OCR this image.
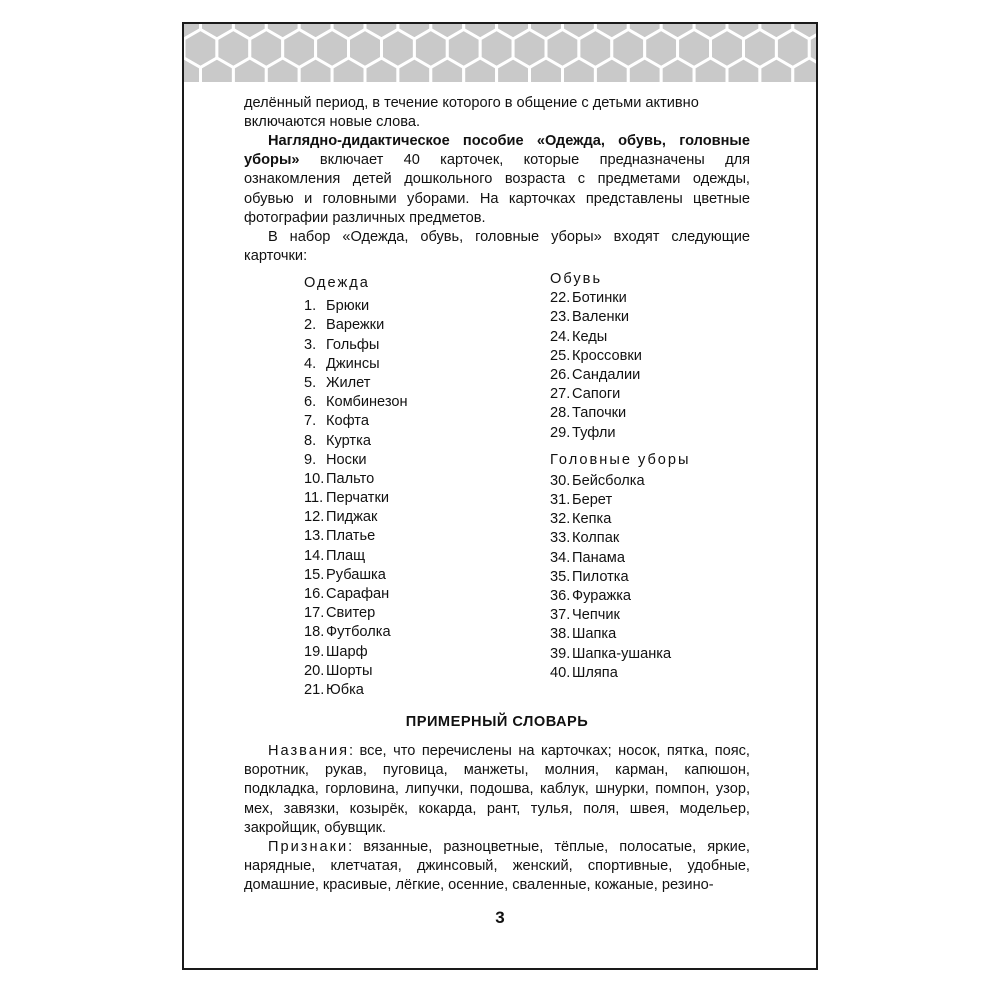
делённый период, в течение которого в общение с детьми активно

включаются новые слова.

Наглядно-дидактическое пособие «Одежда, обувь, головные уборы» включает 40 карточек, которые предназначены для ознакомления детей дошкольного возраста с предметами одежды, обувью и головными уборами. На карточках представлены цветные фотографии различных предметов.

В набор «Одежда, обувь, головные уборы» входят следующие карточки:

Одежда
1. Брюки
2. Варежки
3. Гольфы
4. Джинсы
5. Жилет
6. Комбинезон
7. Кофта
8. Куртка
9. Носки
10. Пальто
11. Перчатки
12. Пиджак
13. Платье
14. Плащ
15. Рубашка
16. Сарафан
17. Свитер
18. Футболка
19. Шарф
20. Шорты
21. Юбка
Обувь
22. Ботинки
23. Валенки
24. Кеды
25. Кроссовки
26. Сандалии
27. Сапоги
28. Тапочки
29. Туфли
Головные уборы
30. Бейсболка
31. Берет
32. Кепка
33. Колпак
34. Панама
35. Пилотка
36. Фуражка
37. Чепчик
38. Шапка
39. Шапка-ушанка
40. Шляпа
ПРИМЕРНЫЙ СЛОВАРЬ

Названия: все, что перечислены на карточках; носок, пятка, пояс, воротник, рукав, пуговица, манжеты, молния, карман, капюшон, подкладка, горловина, липучки, подошва, каблук, шнурки, помпон, узор, мех, завязки, козырёк, кокарда, рант, тулья, поля, швея, модельер, закройщик, обувщик.

Признаки: вязанные, разноцветные, тёплые, полосатые, яркие, нарядные, клетчатая, джинсовый, женский, спортивные, удобные, домашние, красивые, лёгкие, осенние, сваленные, кожаные, резино-

3
